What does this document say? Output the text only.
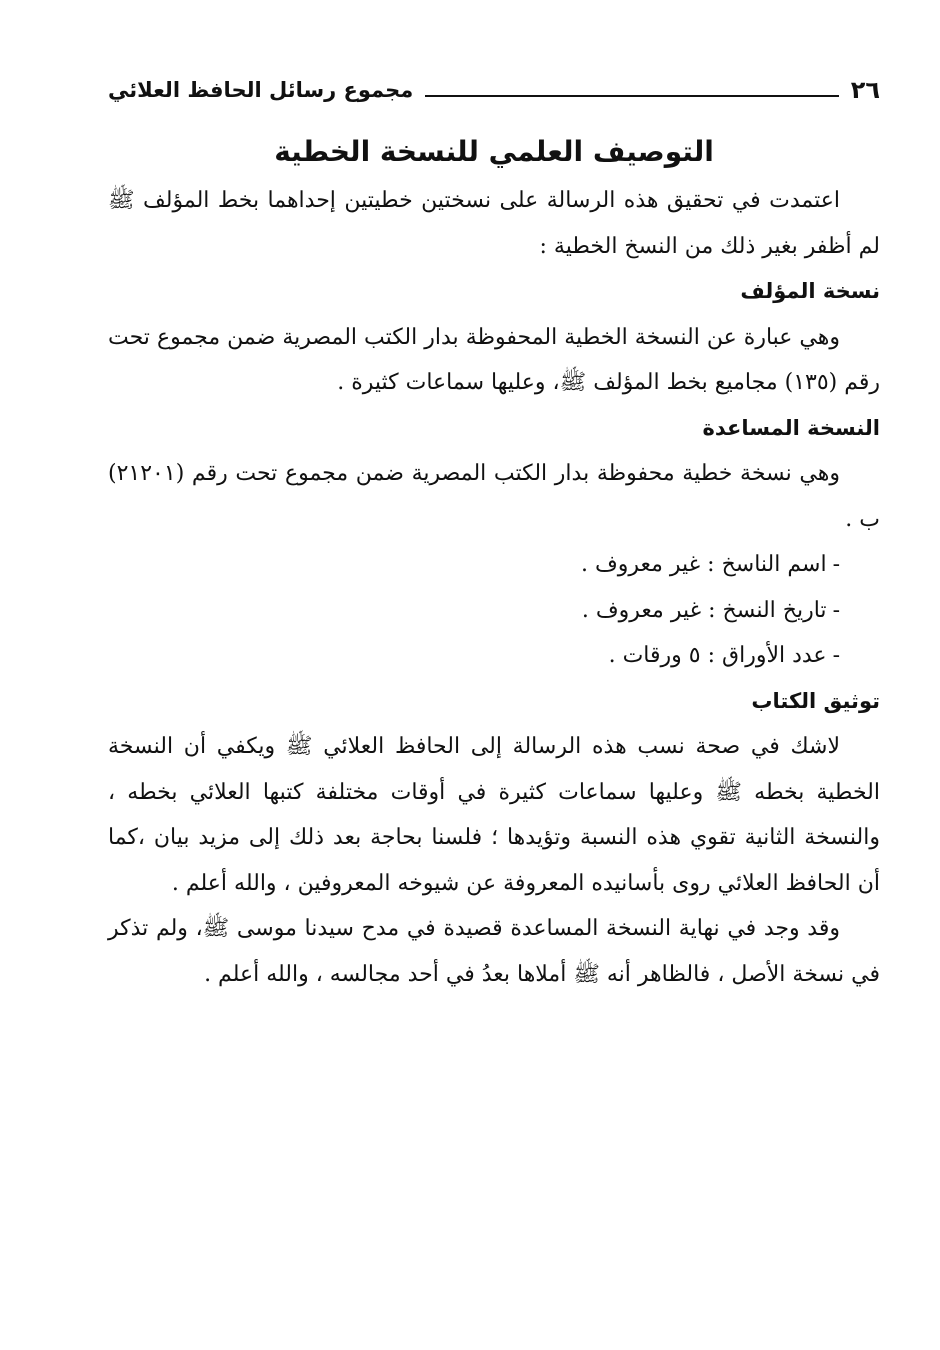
٢٦
مجموع رسائل الحافظ العلائي
التوصيف العلمي للنسخة الخطية

اعتمدت في تحقيق هذه الرسالة على نسختين خطيتين إحداهما بخط المؤلف ﷺ لم أظفر بغير ذلك من النسخ الخطية :

نسخة المؤلف

وهي عبارة عن النسخة الخطية المحفوظة بدار الكتب المصرية ضمن مجموع تحت رقم (١٣٥) مجاميع بخط المؤلف ﷺ، وعليها سماعات كثيرة .

النسخة المساعدة

وهي نسخة خطية محفوظة بدار الكتب المصرية ضمن مجموع تحت رقم (٢١٢٠١) ب .

-اسم الناسخ : غير معروف .
-تاريخ النسخ : غير معروف .
-عدد الأوراق : ٥ ورقات .

توثيق الكتاب

لاشك في صحة نسب هذه الرسالة إلى الحافظ العلائي ﷺ ويكفي أن النسخة الخطية بخطه ﷺ وعليها سماعات كثيرة في أوقات مختلفة كتبها العلائي بخطه ، والنسخة الثانية تقوي هذه النسبة وتؤيدها ؛ فلسنا بحاجة بعد ذلك إلى مزيد بيان ،كما أن الحافظ العلائي روى بأسانيده المعروفة عن شيوخه المعروفين ، والله أعلم .

وقد وجد في نهاية النسخة المساعدة قصيدة في مدح سيدنا موسى ﷺ، ولم تذكر في نسخة الأصل ، فالظاهر أنه ﷺ أملاها بعدُ في أحد مجالسه ، والله أعلم .
